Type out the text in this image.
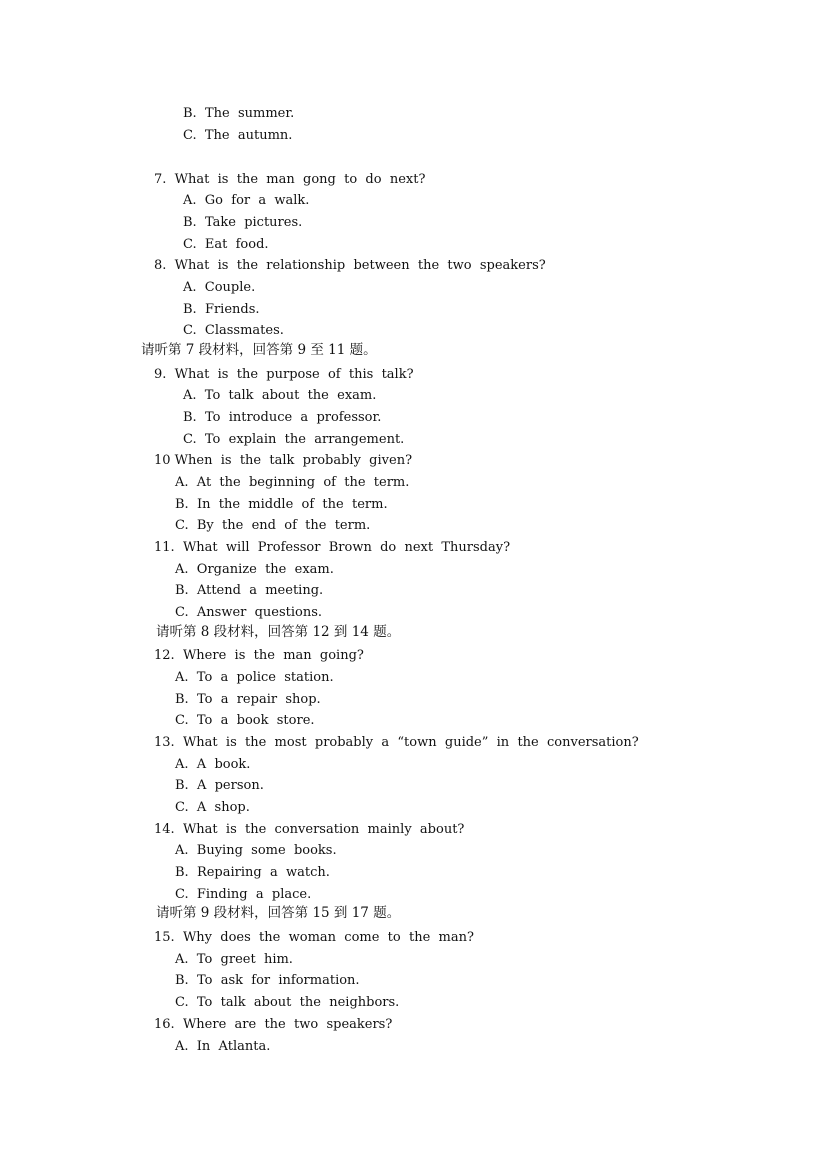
B.  The  summer.
C.  The  autumn.
7.  What  is  the  man  gong  to  do  next?
A.  Go  for  a  walk.
B.  Take  pictures.
C.  Eat  food.
8.  What  is  the  relationship  between  the  two  speakers?
A.  Couple.
B.  Friends.
C.  Classmates.
请听第 7 段材料，回答第 9 至 11 题。
9.  What  is  the  purpose  of  this  talk?
A.  To  talk  about  the  exam.
B.  To  introduce  a  professor.
C.  To  explain  the  arrangement.
10 When  is  the  talk  probably  given?
A.  At  the  beginning  of  the  term.
B.  In  the  middle  of  the  term.
C.  By  the  end  of  the  term.
11.  What  will  Professor  Brown  do  next  Thursday?
A.  Organize  the  exam.
B.  Attend  a  meeting.
C.  Answer  questions.
请听第 8 段材料，回答第 12 到 14 题。
12.  Where  is  the  man  going?
A.  To  a  police  station.
B.  To  a  repair  shop.
C.  To  a  book  store.
13.  What  is  the  most  probably  a  “town  guide”  in  the  conversation?
A.  A  book.
B.  A  person.
C.  A  shop.
14.  What  is  the  conversation  mainly  about?
A.  Buying  some  books.
B.  Repairing  a  watch.
C.  Finding  a  place.
请听第 9 段材料，回答第 15 到 17 题。
15.  Why  does  the  woman  come  to  the  man?
A.  To  greet  him.
B.  To  ask  for  information.
C.  To  talk  about  the  neighbors.
16.  Where  are  the  two  speakers?
A.  In  Atlanta.
